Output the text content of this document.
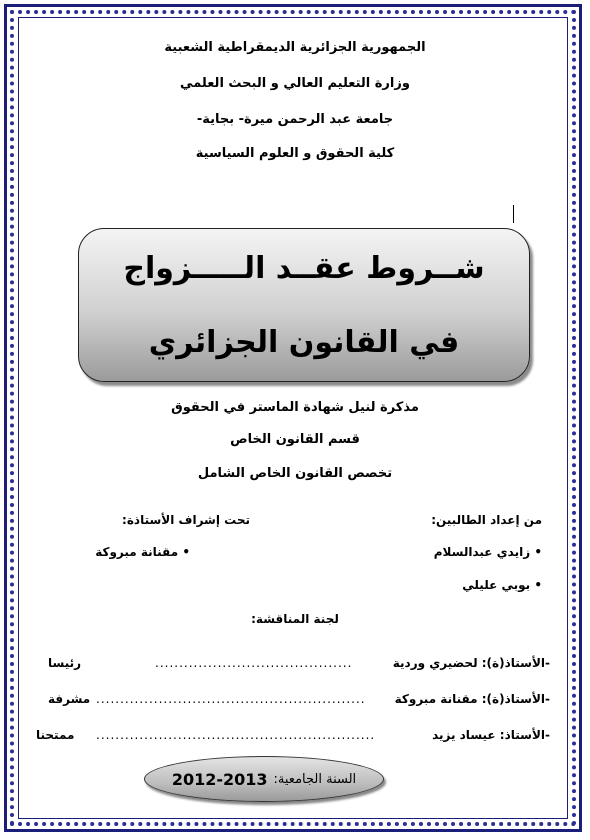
الجمهورية الجزائرية الديمقراطية الشعبية
وزارة التعليم العالي و البحث العلمي
جامعة عبد الرحمن ميرة- بجاية-
كلية الحقوق و العلوم السياسية
شــروط عقــد الـــــزواج
في القانون الجزائري
مذكرة لنيل شهادة الماستر في الحقوق
قسم القانون الخاص
تخصص القانون الخاص الشامل
من إعداد الطالبين:
تحت إشراف الأستاذة:
• زايدي عبدالسلام
• مقنانة مبروكة
• بوبي عليلي
لجنة المناقشة:
-الأستاذ(ة): لحضيري وردية
.........................................
رئيسا
-الأستاذ(ة): مقنانة مبروكة
........................................................
مشرفة
-الأستاذ: عيساد يزيد
..........................................................
ممتحنا
السنة الجامعية:
2012-2013
